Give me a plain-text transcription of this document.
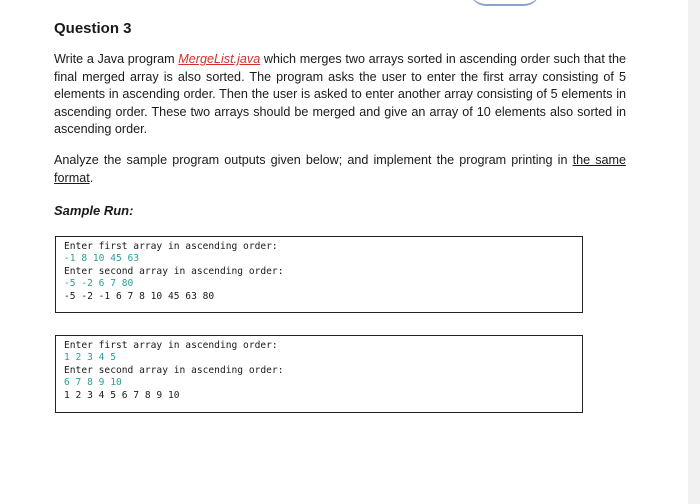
Question 3

Write a Java program MergeList.java which merges two arrays sorted in ascending order such that the final merged array is also sorted. The program asks the user to enter the first array consisting of 5 elements in ascending order. Then the user is asked to enter another array consisting of 5 elements in ascending order. These two arrays should be merged and give an array of 10 elements also sorted in ascending order.

Analyze the sample program outputs given below; and implement the program printing in the same format.

Sample Run:

Enter first array in ascending order:
-1 8 10 45 63
Enter second array in ascending order:
-5 -2 6 7 80
-5 -2 -1 6 7 8 10 45 63 80
Enter first array in ascending order:
1 2 3 4 5
Enter second array in ascending order:
6 7 8 9 10
1 2 3 4 5 6 7 8 9 10
